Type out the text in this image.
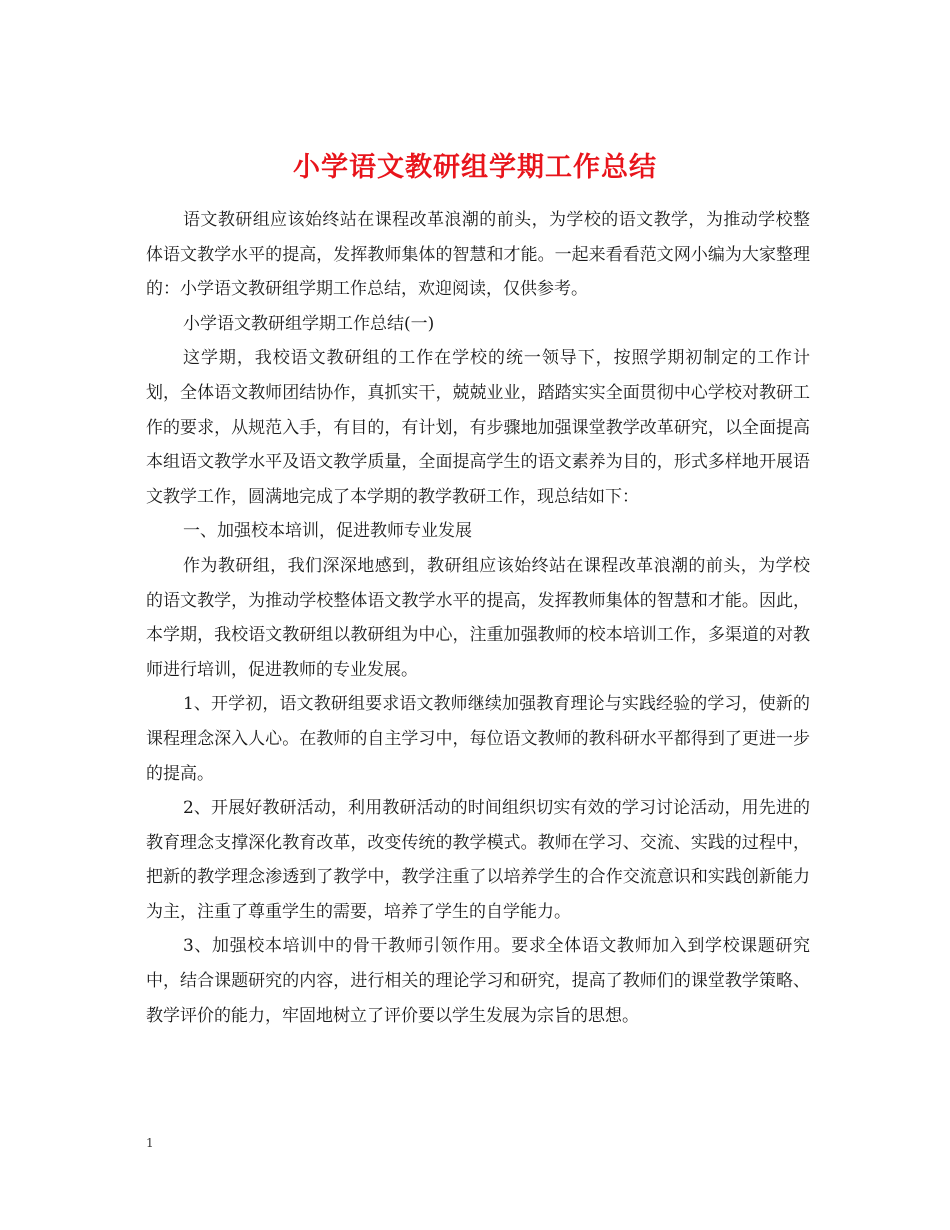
小学语文教研组学期工作总结

语文教研组应该始终站在课程改革浪潮的前头，为学校的语文教学，为推动学校整体语文教学水平的提高，发挥教师集体的智慧和才能。一起来看看范文网小编为大家整理的：小学语文教研组学期工作总结，欢迎阅读，仅供参考。

小学语文教研组学期工作总结(一)

这学期，我校语文教研组的工作在学校的统一领导下，按照学期初制定的工作计划，全体语文教师团结协作，真抓实干，兢兢业业，踏踏实实全面贯彻中心学校对教研工作的要求，从规范入手，有目的，有计划，有步骤地加强课堂教学改革研究，以全面提高本组语文教学水平及语文教学质量，全面提高学生的语文素养为目的，形式多样地开展语文教学工作，圆满地完成了本学期的教学教研工作，现总结如下：

一、加强校本培训，促进教师专业发展

作为教研组，我们深深地感到，教研组应该始终站在课程改革浪潮的前头，为学校的语文教学，为推动学校整体语文教学水平的提高，发挥教师集体的智慧和才能。因此，本学期，我校语文教研组以教研组为中心，注重加强教师的校本培训工作，多渠道的对教师进行培训，促进教师的专业发展。

1、开学初，语文教研组要求语文教师继续加强教育理论与实践经验的学习，使新的课程理念深入人心。在教师的自主学习中，每位语文教师的教科研水平都得到了更进一步的提高。

2、开展好教研活动，利用教研活动的时间组织切实有效的学习讨论活动，用先进的教育理念支撑深化教育改革，改变传统的教学模式。教师在学习、交流、实践的过程中，把新的教学理念渗透到了教学中，教学注重了以培养学生的合作交流意识和实践创新能力为主，注重了尊重学生的需要，培养了学生的自学能力。

3、加强校本培训中的骨干教师引领作用。要求全体语文教师加入到学校课题研究中，结合课题研究的内容，进行相关的理论学习和研究，提高了教师们的课堂教学策略、教学评价的能力，牢固地树立了评价要以学生发展为宗旨的思想。

1
